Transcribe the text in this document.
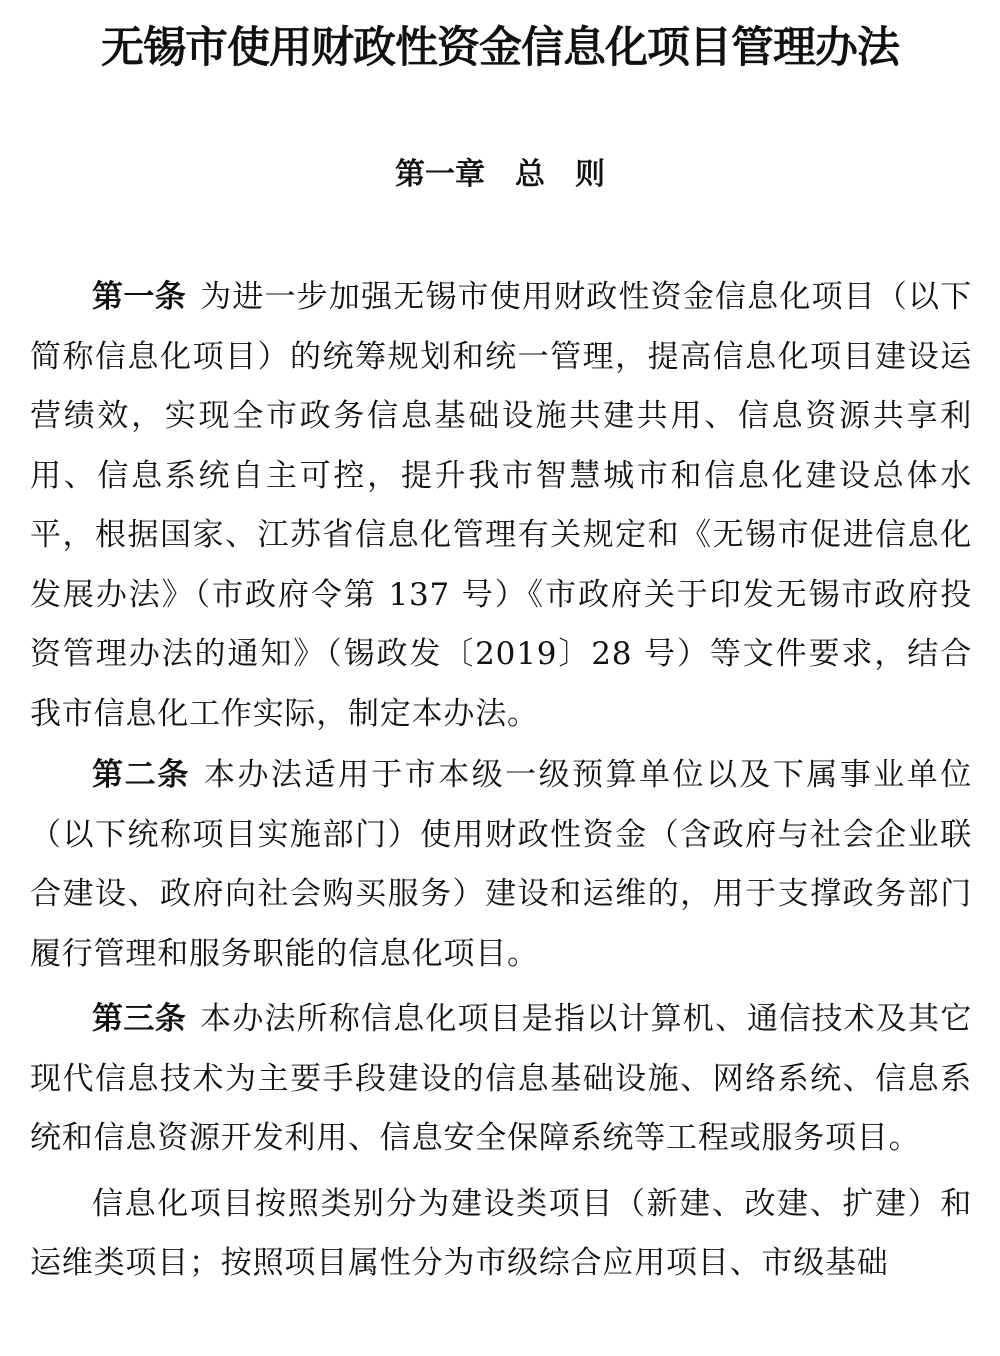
无锡市使用财政性资金信息化项目管理办法
第一章　总　则

第一条 为进一步加强无锡市使用财政性资金信息化项目（以下简称信息化项目）的统筹规划和统一管理，提高信息化项目建设运营绩效，实现全市政务信息基础设施共建共用、信息资源共享利用、信息系统自主可控，提升我市智慧城市和信息化建设总体水平，根据国家、江苏省信息化管理有关规定和《无锡市促进信息化发展办法》（市政府令第 137 号）《市政府关于印发无锡市政府投资管理办法的通知》（锡政发〔2019〕28 号）等文件要求，结合我市信息化工作实际，制定本办法。

第二条 本办法适用于市本级一级预算单位以及下属事业单位（以下统称项目实施部门）使用财政性资金（含政府与社会企业联合建设、政府向社会购买服务）建设和运维的，用于支撑政务部门履行管理和服务职能的信息化项目。

第三条 本办法所称信息化项目是指以计算机、通信技术及其它现代信息技术为主要手段建设的信息基础设施、网络系统、信息系统和信息资源开发利用、信息安全保障系统等工程或服务项目。

信息化项目按照类别分为建设类项目（新建、改建、扩建）和运维类项目；按照项目属性分为市级综合应用项目、市级基础
